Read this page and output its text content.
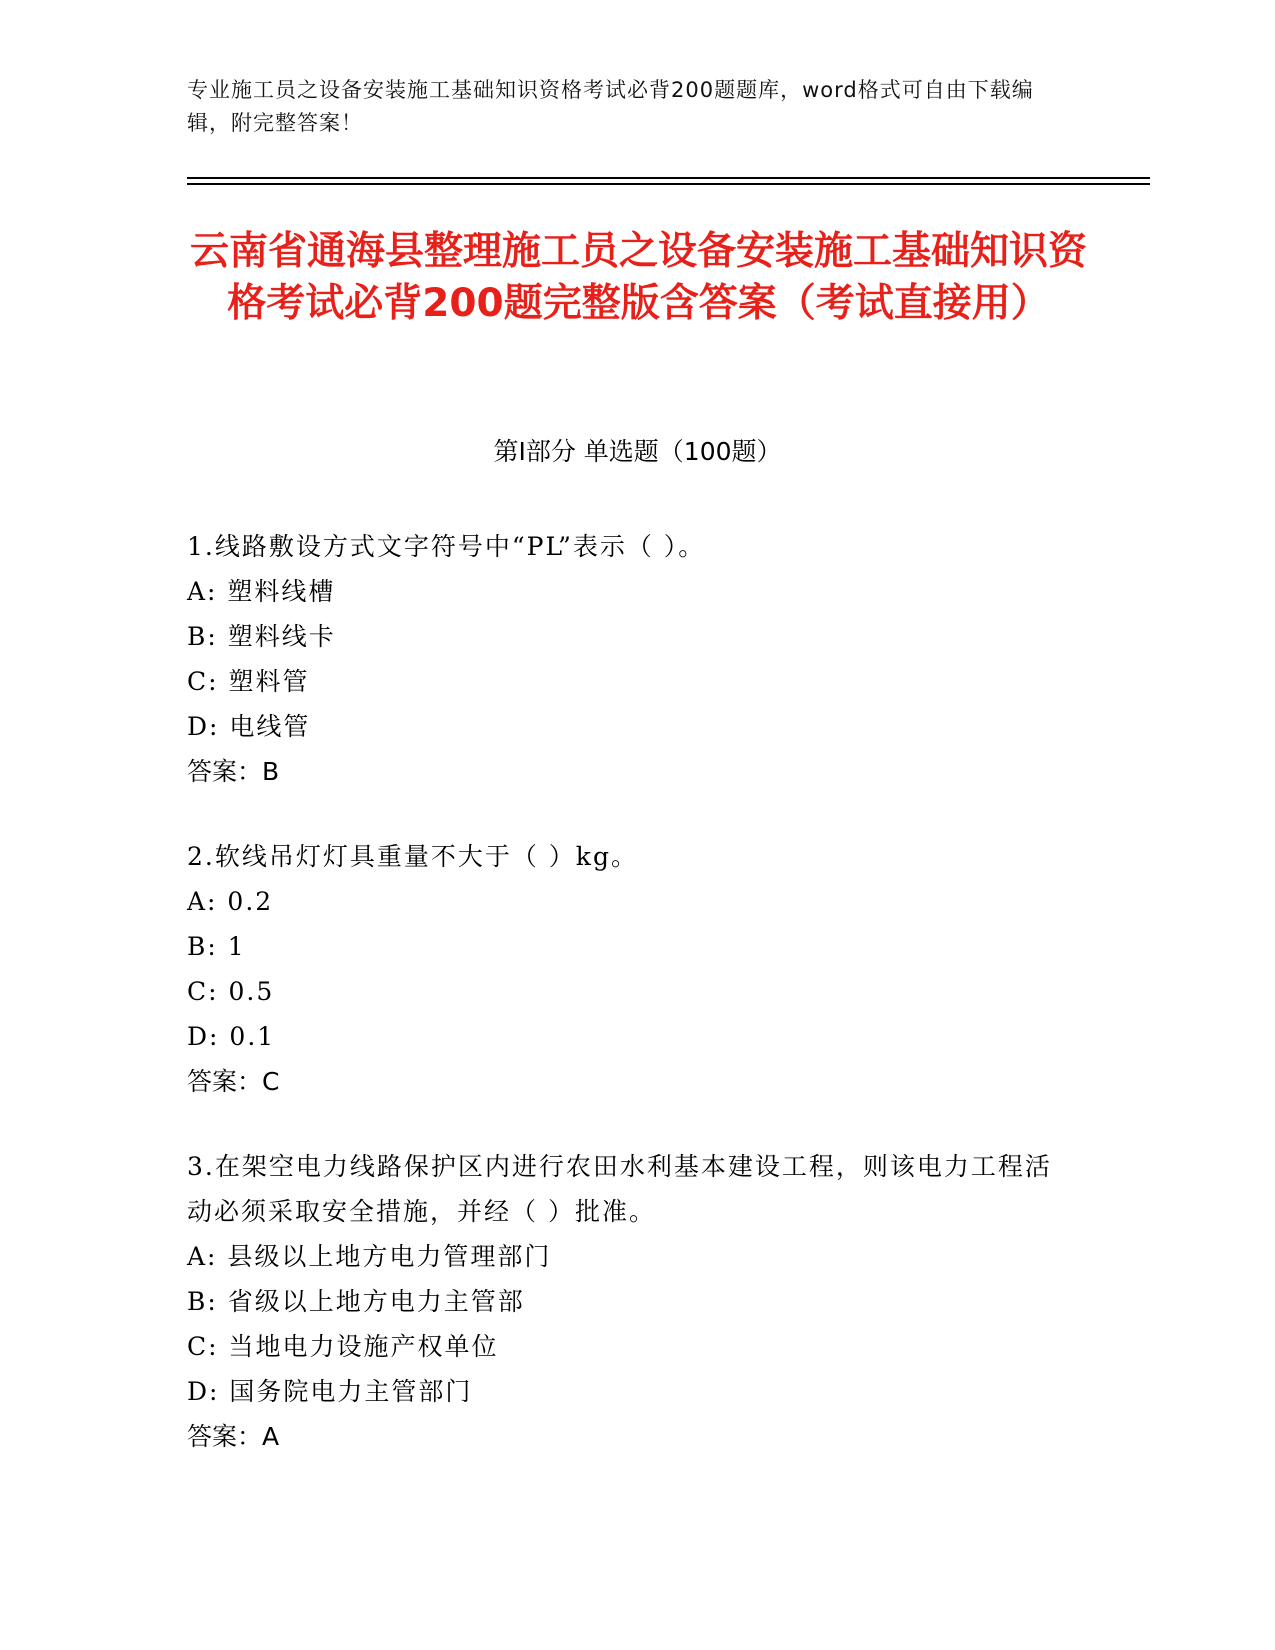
专业施工员之设备安装施工基础知识资格考试必背200题题库，word格式可自由下载编辑，附完整答案！
云南省通海县整理施工员之设备安装施工基础知识资格考试必背200题完整版含答案（考试直接用）
第Ⅰ部分 单选题（100题）

1.线路敷设方式文字符号中“PL”表示（ ）。

A: 塑料线槽

B: 塑料线卡

C: 塑料管

D: 电线管

答案：B

2.软线吊灯灯具重量不大于（ ）kg。

A: 0.2

B: 1

C: 0.5

D: 0.1

答案：C

3.在架空电力线路保护区内进行农田水利基本建设工程，则该电力工程活动必须采取安全措施，并经（ ）批准。

A: 县级以上地方电力管理部门

B: 省级以上地方电力主管部

C: 当地电力设施产权单位

D: 国务院电力主管部门

答案：A
